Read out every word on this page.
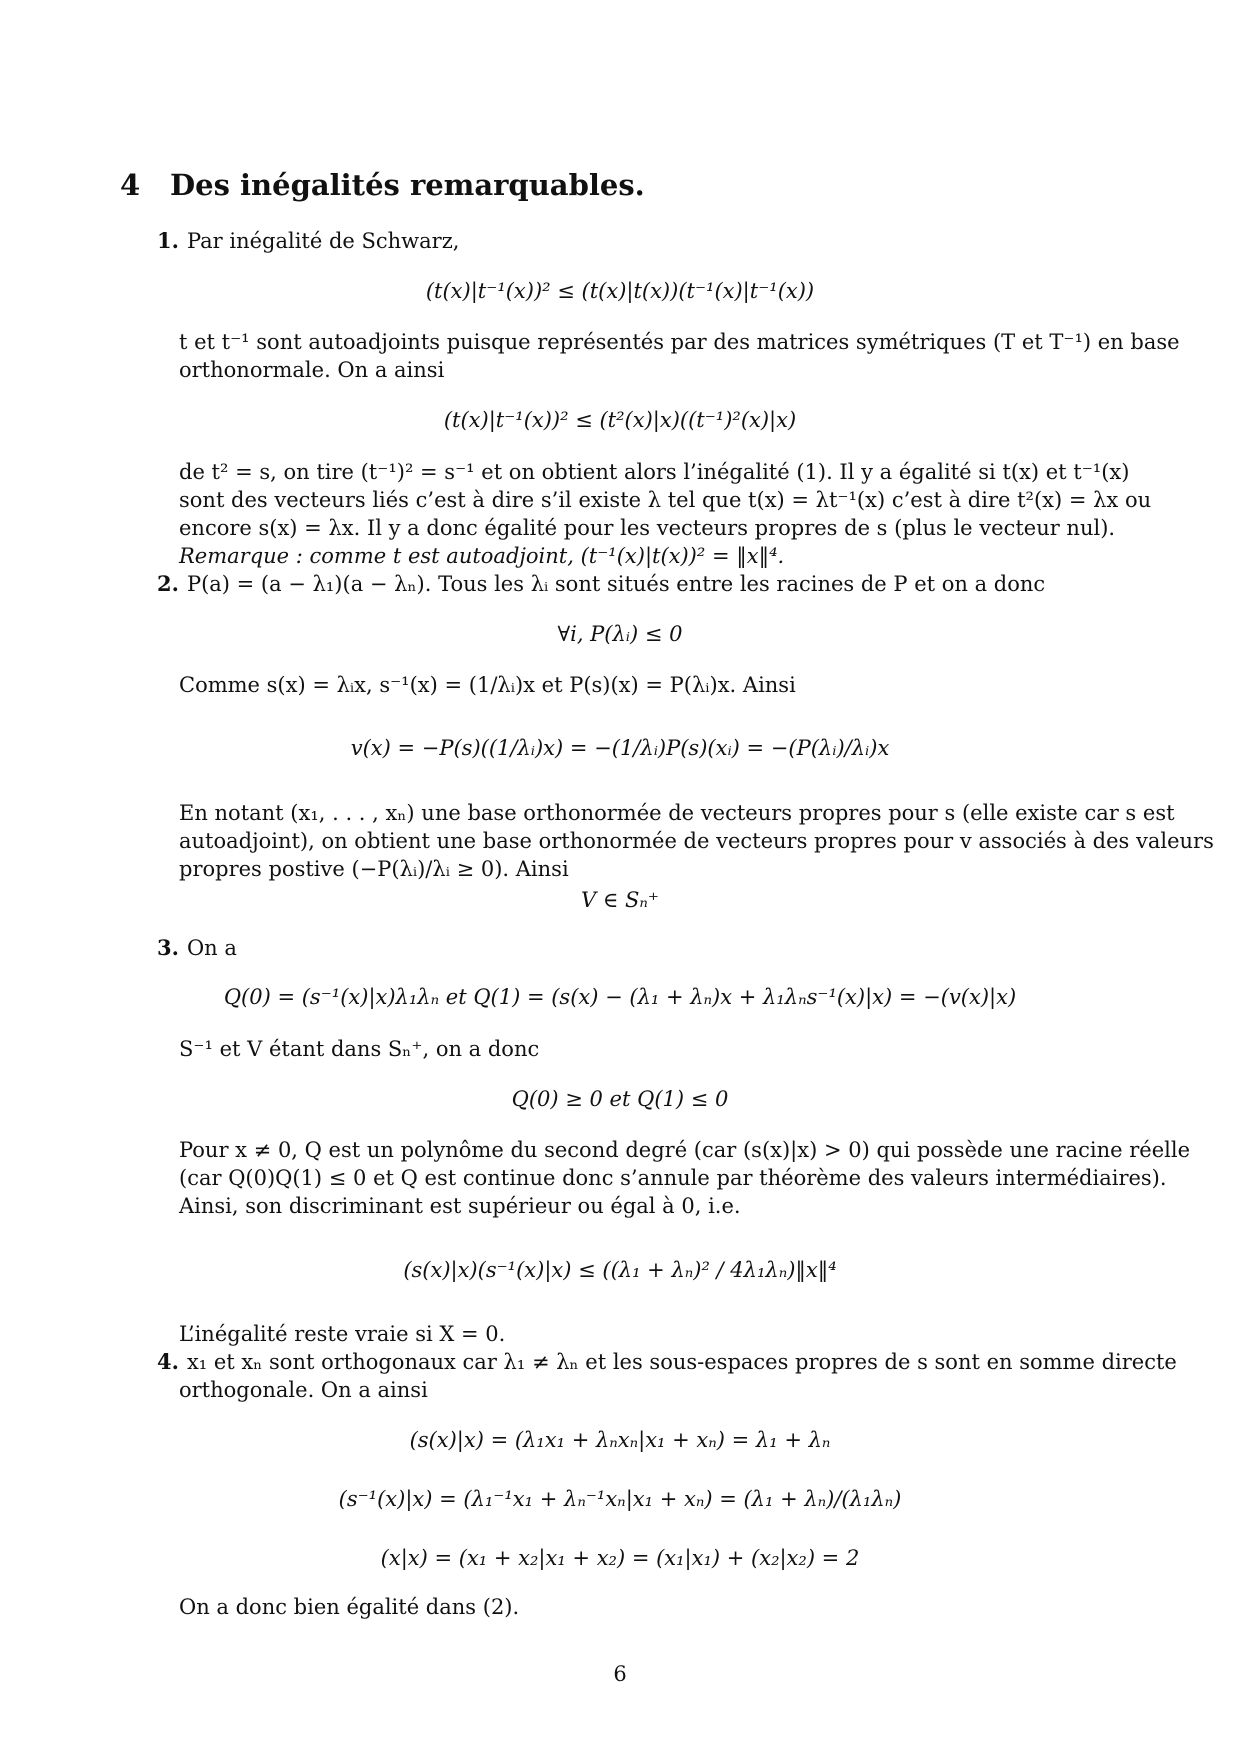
4 Des inégalités remarquables.
1. Par inégalité de Schwarz,
(t(x)|t⁻¹(x))² ≤ (t(x)|t(x))(t⁻¹(x)|t⁻¹(x))
t et t⁻¹ sont autoadjoints puisque représentés par des matrices symétriques (T et T⁻¹) en base
orthonormale. On a ainsi
(t(x)|t⁻¹(x))² ≤ (t²(x)|x)((t⁻¹)²(x)|x)
de t² = s, on tire (t⁻¹)² = s⁻¹ et on obtient alors l’inégalité (1). Il y a égalité si t(x) et t⁻¹(x)
sont des vecteurs liés c’est à dire s’il existe λ tel que t(x) = λt⁻¹(x) c’est à dire t²(x) = λx ou
encore s(x) = λx. Il y a donc égalité pour les vecteurs propres de s (plus le vecteur nul).
Remarque : comme t est autoadjoint, (t⁻¹(x)|t(x))² = ‖x‖⁴.
2. P(a) = (a − λ₁)(a − λₙ). Tous les λᵢ sont situés entre les racines de P et on a donc
∀i, P(λᵢ) ≤ 0
Comme s(x) = λᵢx, s⁻¹(x) = (1/λᵢ)x et P(s)(x) = P(λᵢ)x. Ainsi
v(x) = −P(s)((1/λᵢ)x) = −(1/λᵢ)P(s)(xᵢ) = −(P(λᵢ)/λᵢ)x
En notant (x₁, . . . , xₙ) une base orthonormée de vecteurs propres pour s (elle existe car s est
autoadjoint), on obtient une base orthonormée de vecteurs propres pour v associés à des valeurs
propres postive (−P(λᵢ)/λᵢ ≥ 0). Ainsi
V ∈ Sₙ⁺
3. On a
Q(0) = (s⁻¹(x)|x)λ₁λₙ et Q(1) = (s(x) − (λ₁ + λₙ)x + λ₁λₙs⁻¹(x)|x) = −(v(x)|x)
S⁻¹ et V étant dans Sₙ⁺, on a donc
Q(0) ≥ 0 et Q(1) ≤ 0
Pour x ≠ 0, Q est un polynôme du second degré (car (s(x)|x) > 0) qui possède une racine réelle
(car Q(0)Q(1) ≤ 0 et Q est continue donc s’annule par théorème des valeurs intermédiaires).
Ainsi, son discriminant est supérieur ou égal à 0, i.e.
(s(x)|x)(s⁻¹(x)|x) ≤ ((λ₁ + λₙ)² / 4λ₁λₙ)‖x‖⁴
L’inégalité reste vraie si X = 0.
4. x₁ et xₙ sont orthogonaux car λ₁ ≠ λₙ et les sous-espaces propres de s sont en somme directe
orthogonale. On a ainsi
(s(x)|x) = (λ₁x₁ + λₙxₙ|x₁ + xₙ) = λ₁ + λₙ
(s⁻¹(x)|x) = (λ₁⁻¹x₁ + λₙ⁻¹xₙ|x₁ + xₙ) = (λ₁ + λₙ)/(λ₁λₙ)
(x|x) = (x₁ + x₂|x₁ + x₂) = (x₁|x₁) + (x₂|x₂) = 2
On a donc bien égalité dans (2).
6
